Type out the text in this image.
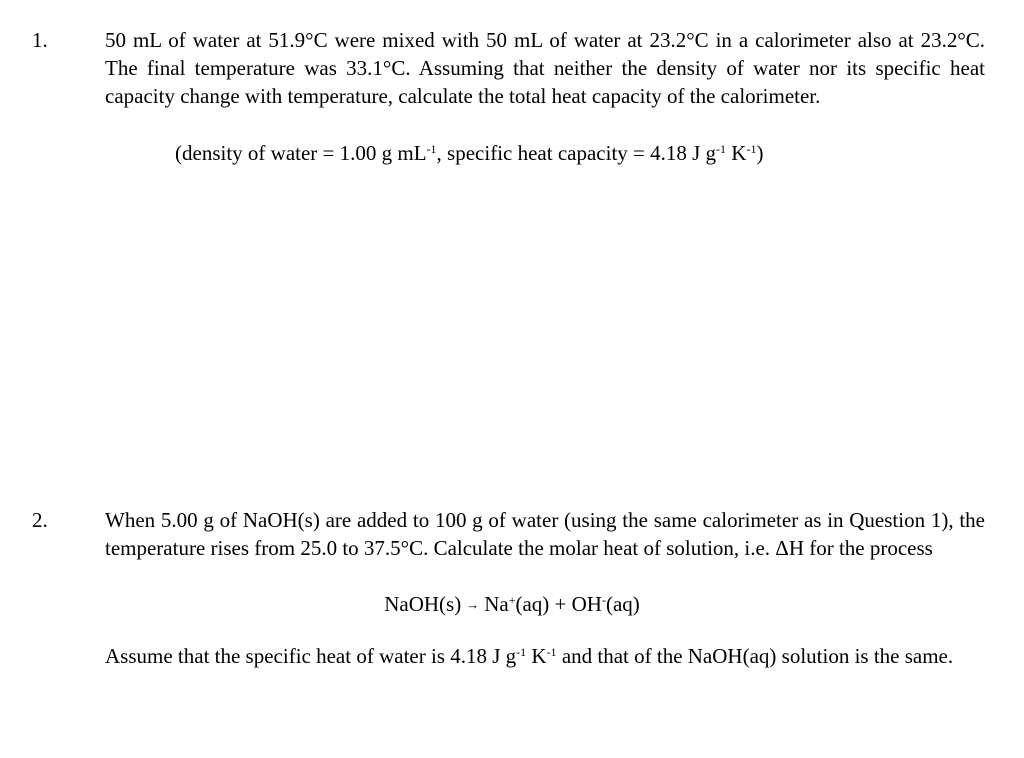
1.	50 mL of water at 51.9°C were mixed with 50 mL of water at 23.2°C in a calorimeter also at 23.2°C. The final temperature was 33.1°C. Assuming that neither the density of water nor its specific heat capacity change with temperature, calculate the total heat capacity of the calorimeter.
(density of water = 1.00 g $mL^{-1}$, specific heat capacity = 4.18 J $g^{-1}$ $K^{-1}$)
2.	When 5.00 g of NaOH(s) are added to 100 g of water (using the same calorimeter as in Question 1), the temperature rises from 25.0 to 37.5°C. Calculate the molar heat of solution, i.e. ΔH for the process
NaOH(s) → Na+(aq) + OH-(aq)
Assume that the specific heat of water is 4.18 J $g^{-1}$ $K^{-1}$ and that of the NaOH(aq) solution is the same.
